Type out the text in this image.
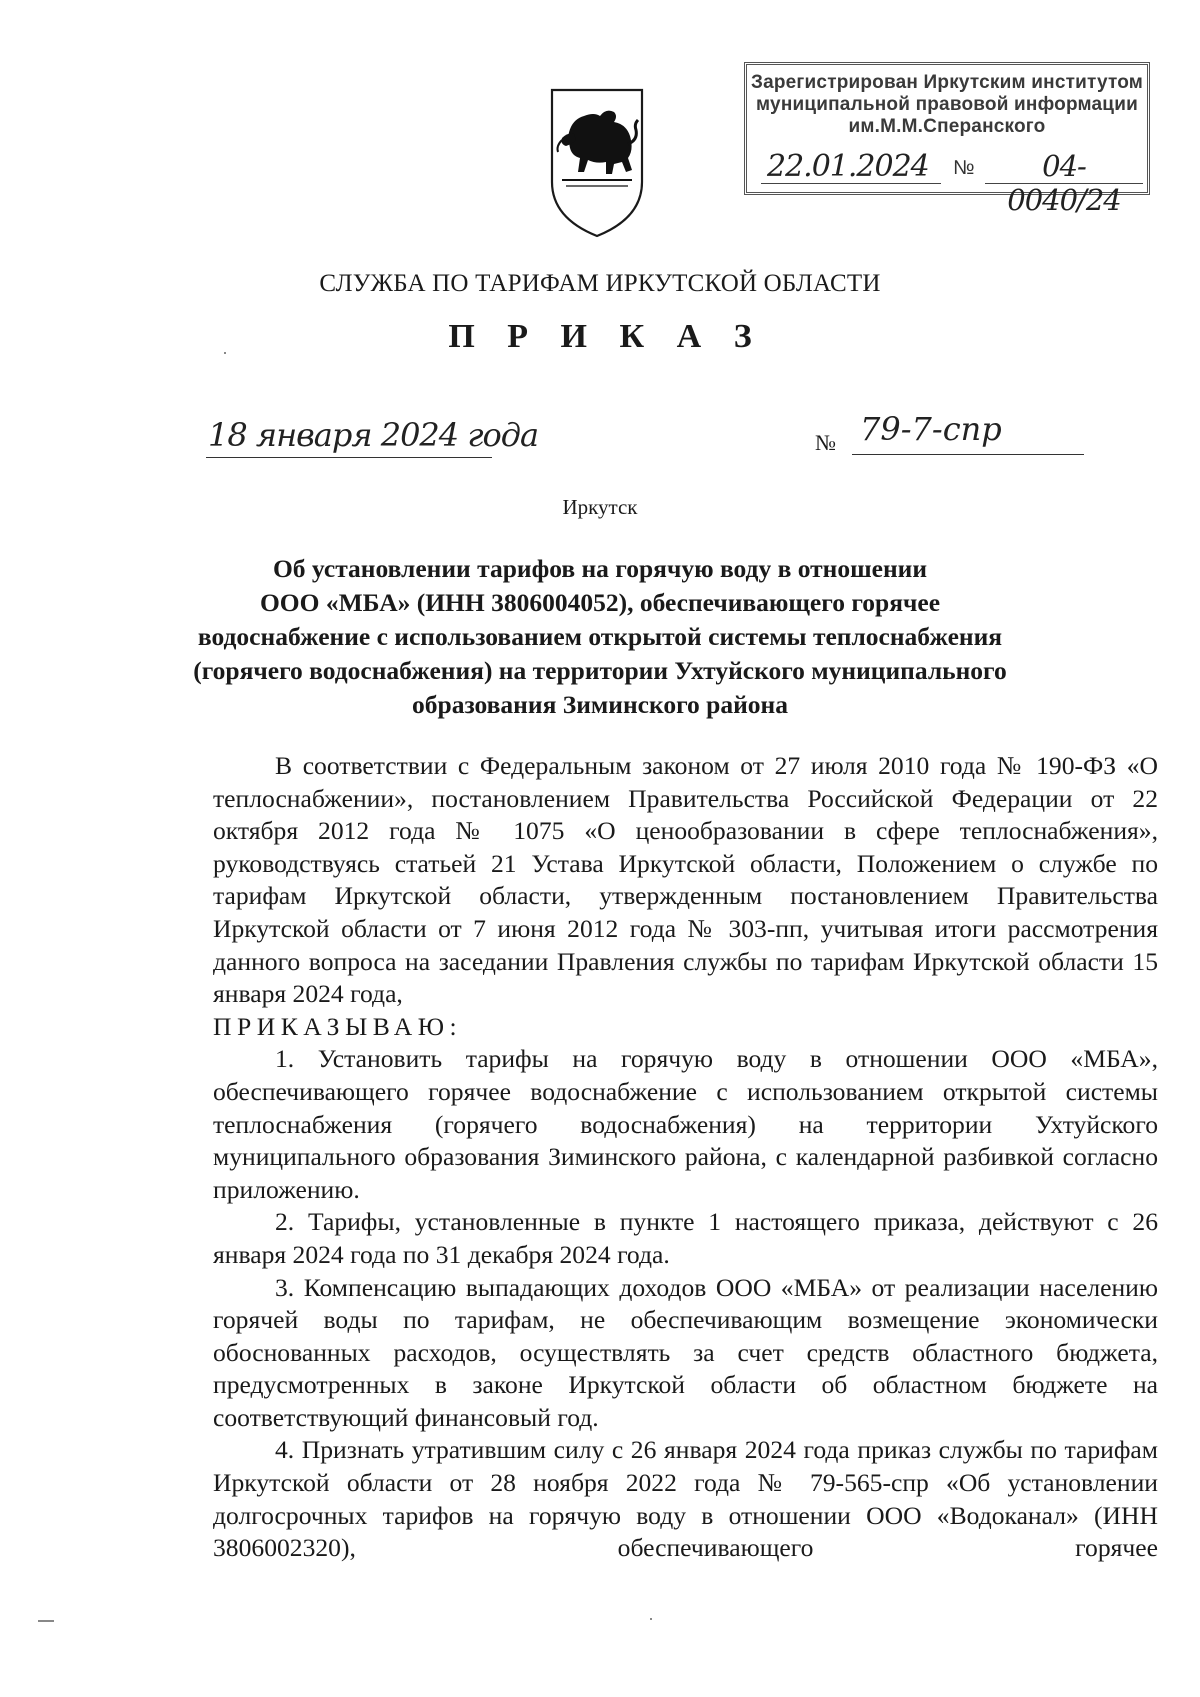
Зарегистрирован Иркутским институтом
муниципальной правовой информации
им.М.М.Сперанского
22.01.2024 №	04-0040/24
СЛУЖБА ПО ТАРИФАМ ИРКУТСКОЙ ОБЛАСТИ
П Р И К А З
18 января 2024 года	№ 79-7-спр
Иркутск
Об установлении тарифов на горячую воду в отношении
ООО «МБА» (ИНН 3806004052), обеспечивающего горячее
водоснабжение с использованием открытой системы теплоснабжения
(горячего водоснабжения) на территории Ухтуйского муниципального
образования Зиминского района

В соответствии с Федеральным законом от 27 июля 2010 года № 190-ФЗ «О теплоснабжении», постановлением Правительства Российской Федерации от 22 октября 2012 года № 1075 «О ценообразовании в сфере теплоснабжения», руководствуясь статьей 21 Устава Иркутской области, Положением о службе по тарифам Иркутской области, утвержденным постановлением Правительства Иркутской области от 7 июня 2012 года № 303-пп, учитывая итоги рассмотрения данного вопроса на заседании Правления службы по тарифам Иркутской области 15 января 2024 года,

ПРИКАЗЫВАЮ:

1. Установить тарифы на горячую воду в отношении ООО «МБА», обеспечивающего горячее водоснабжение с использованием открытой системы теплоснабжения (горячего водоснабжения) на территории Ухтуйского муниципального образования Зиминского района, с календарной разбивкой согласно приложению.

2. Тарифы, установленные в пункте 1 настоящего приказа, действуют с 26 января 2024 года по 31 декабря 2024 года.

3. Компенсацию выпадающих доходов ООО «МБА» от реализации населению горячей воды по тарифам, не обеспечивающим возмещение экономически обоснованных расходов, осуществлять за счет средств областного бюджета, предусмотренных в законе Иркутской области об областном бюджете на соответствующий финансовый год.

4. Признать утратившим силу с 26 января 2024 года приказ службы по тарифам Иркутской области от 28 ноября 2022 года № 79-565-спр «Об установлении долгосрочных тарифов на горячую воду в отношении ООО «Водоканал» (ИНН 3806002320), обеспечивающего горячее
